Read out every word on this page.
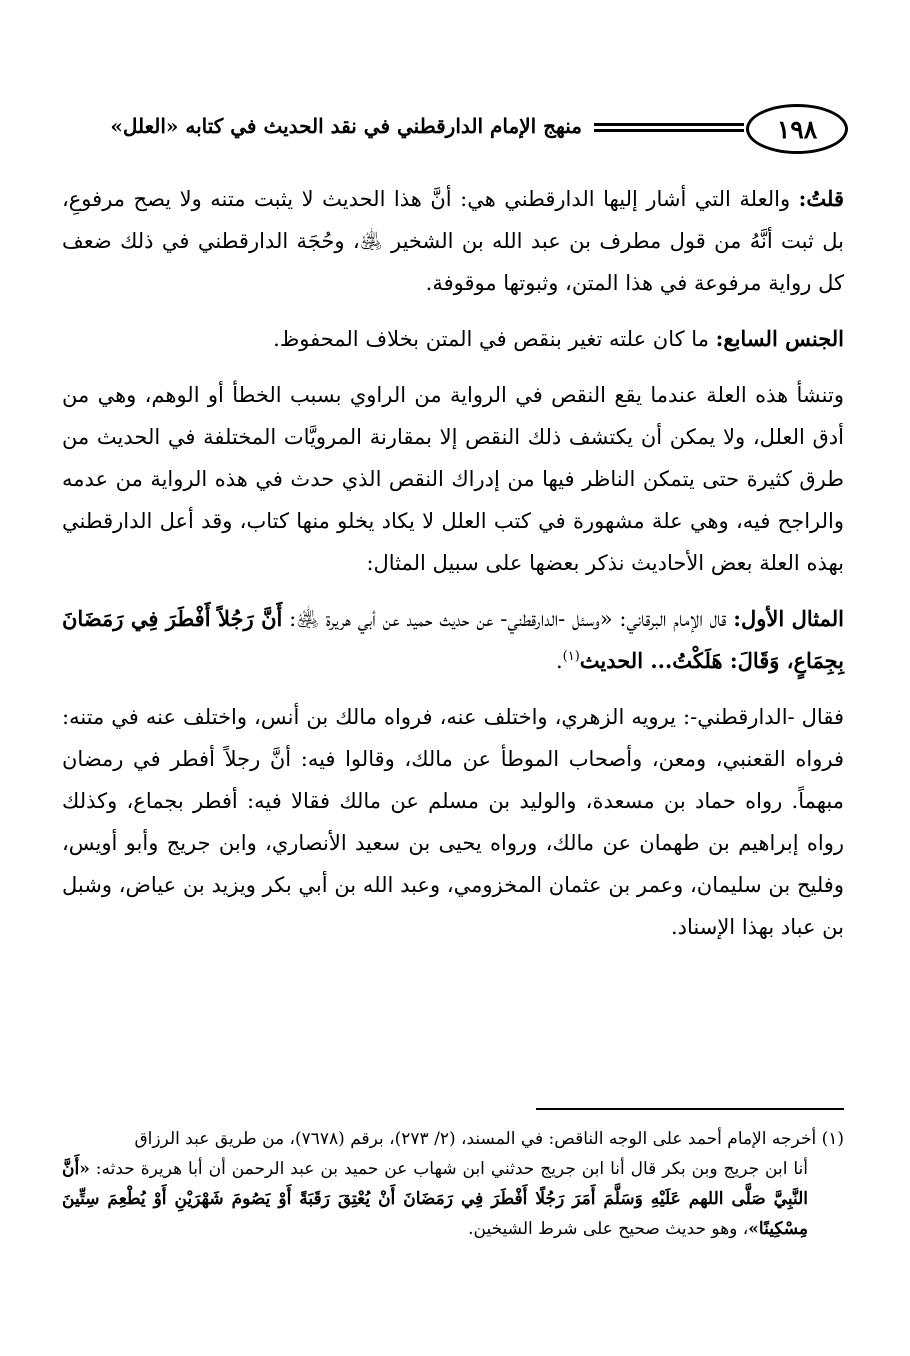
١٩٨
منهج الإمام الدارقطني في نقد الحديث في كتابه «العلل»

قلتُ: والعلة التي أشار إليها الدارقطني هي: أنَّ هذا الحديث لا يثبت متنه ولا يصح مرفوعِ، بل ثبت أنَّهُ من قول مطرف بن عبد الله بن الشخير ﵁، وحُجَة الدارقطني في ذلك ضعف كل رواية مرفوعة في هذا المتن، وثبوتها موقوفة.

الجنس السابع: ما كان علته تغير بنقص في المتن بخلاف المحفوظ.

وتنشأ هذه العلة عندما يقع النقص في الرواية من الراوي بسبب الخطأ أو الوهم، وهي من أدق العلل، ولا يمكن أن يكتشف ذلك النقص إلا بمقارنة المرويَّات المختلفة في الحديث من طرق كثيرة حتى يتمكن الناظر فيها من إدراك النقص الذي حدث في هذه الرواية من عدمه والراجح فيه، وهي علة مشهورة في كتب العلل لا يكاد يخلو منها كتاب، وقد أعل الدارقطني بهذه العلة بعض الأحاديث نذكر بعضها على سبيل المثال:

المثال الأول: قال الإمام البرقاني: «وسئل -الدارقطني- عن حديث حميد عن أبي هريرة ﵁: أَنَّ رَجُلاً أَفْطَرَ فِي رَمَضَانَ بِجِمَاعٍ، وَقَالَ: هَلَكْتُ... الحديث$^{(١)}$.

فقال -الدارقطني-: يرويه الزهري، واختلف عنه، فرواه مالك بن أنس، واختلف عنه في متنه: فرواه القعنبي، ومعن، وأصحاب الموطأ عن مالك، وقالوا فيه: أنَّ رجلاً أفطر في رمضان مبهماً. رواه حماد بن مسعدة، والوليد بن مسلم عن مالك فقالا فيه: أفطر بجماع، وكذلك رواه إبراهيم بن طهمان عن مالك، ورواه يحيى بن سعيد الأنصاري، وابن جريج وأبو أويس، وفليح بن سليمان، وعمر بن عثمان المخزومي، وعبد الله بن أبي بكر ويزيد بن عياض، وشبل بن عباد بهذا الإسناد.

(١) أخرجه الإمام أحمد على الوجه الناقص: في المسند، (٢/ ٢٧٣)، برقم (٧٦٧٨)، من طريق عبد الرزاق

أنا ابن جريج وبن بكر قال أنا ابن جريج حدثني ابن شهاب عن حميد بن عبد الرحمن أن أبا هريرة حدثه: «أَنَّ النَّبِيَّ صَلَّى اللهم عَلَيْهِ وَسَلَّمَ أَمَرَ رَجُلًا أَفْطَرَ فِي رَمَضَانَ أَنْ يُعْتِقَ رَقَبَةً أَوْ يَصُومَ شَهْرَيْنِ أَوْ يُطْعِمَ سِتِّينَ مِسْكِينًا»، وهو حديث صحيح على شرط الشيخين.
